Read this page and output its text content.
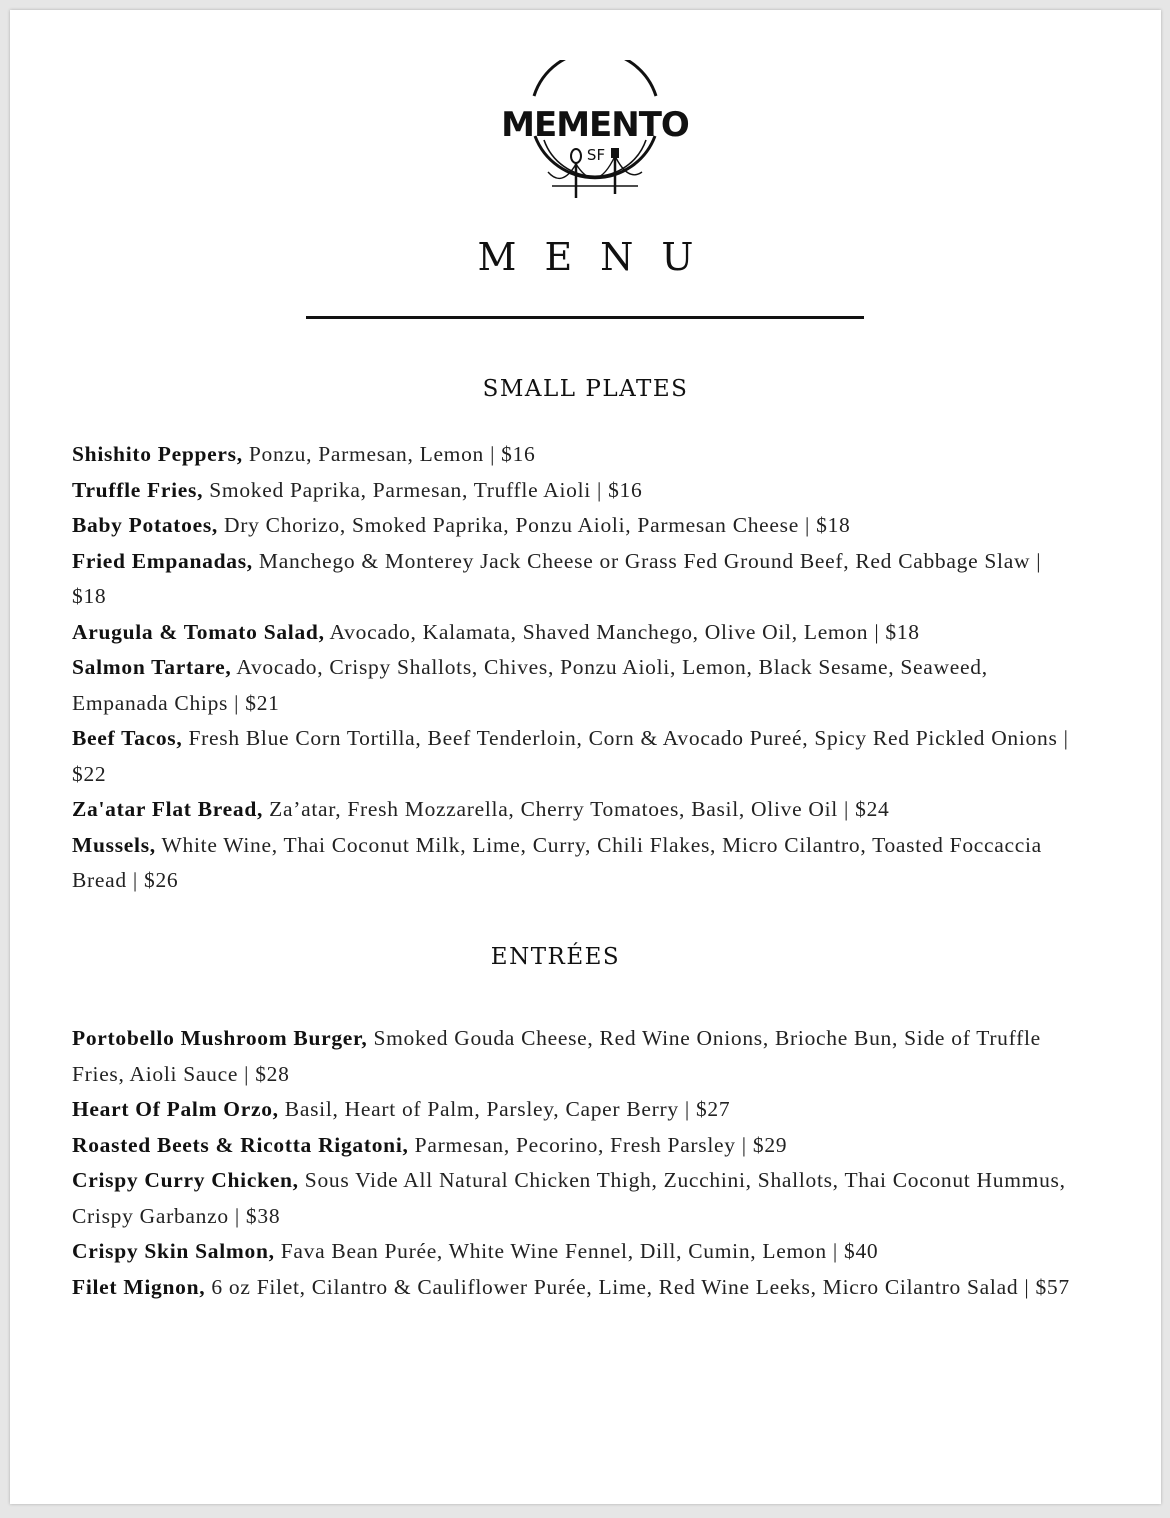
MEMENTO
SF
MENU
SMALL PLATES
Shishito Peppers, Ponzu, Parmesan, Lemon | $16
Truffle Fries, Smoked Paprika, Parmesan, Truffle Aioli | $16
Baby Potatoes, Dry Chorizo, Smoked Paprika, Ponzu Aioli, Parmesan Cheese | $18
Fried Empanadas, Manchego & Monterey Jack Cheese or Grass Fed Ground Beef, Red Cabbage Slaw | $18
Arugula & Tomato Salad, Avocado, Kalamata, Shaved Manchego, Olive Oil, Lemon | $18
Salmon Tartare, Avocado, Crispy Shallots, Chives, Ponzu Aioli, Lemon, Black Sesame, Seaweed, Empanada Chips | $21
Beef Tacos, Fresh Blue Corn Tortilla, Beef Tenderloin, Corn & Avocado Pureé, Spicy Red Pickled Onions | $22
Za'atar Flat Bread, Za’atar, Fresh Mozzarella, Cherry Tomatoes, Basil, Olive Oil | $24
Mussels, White Wine, Thai Coconut Milk, Lime, Curry, Chili Flakes, Micro Cilantro, Toasted Foccaccia Bread | $26
ENTRÉES
Portobello Mushroom Burger, Smoked Gouda Cheese, Red Wine Onions, Brioche Bun, Side of Truffle Fries, Aioli Sauce | $28
Heart Of Palm Orzo, Basil, Heart of Palm, Parsley, Caper Berry | $27
Roasted Beets & Ricotta Rigatoni, Parmesan, Pecorino, Fresh Parsley | $29
Crispy Curry Chicken, Sous Vide All Natural Chicken Thigh, Zucchini, Shallots, Thai Coconut Hummus, Crispy Garbanzo | $38
Crispy Skin Salmon, Fava Bean Purée, White Wine Fennel, Dill, Cumin, Lemon | $40
Filet Mignon, 6 oz Filet, Cilantro & Cauliflower Purée, Lime, Red Wine Leeks, Micro Cilantro Salad | $57
